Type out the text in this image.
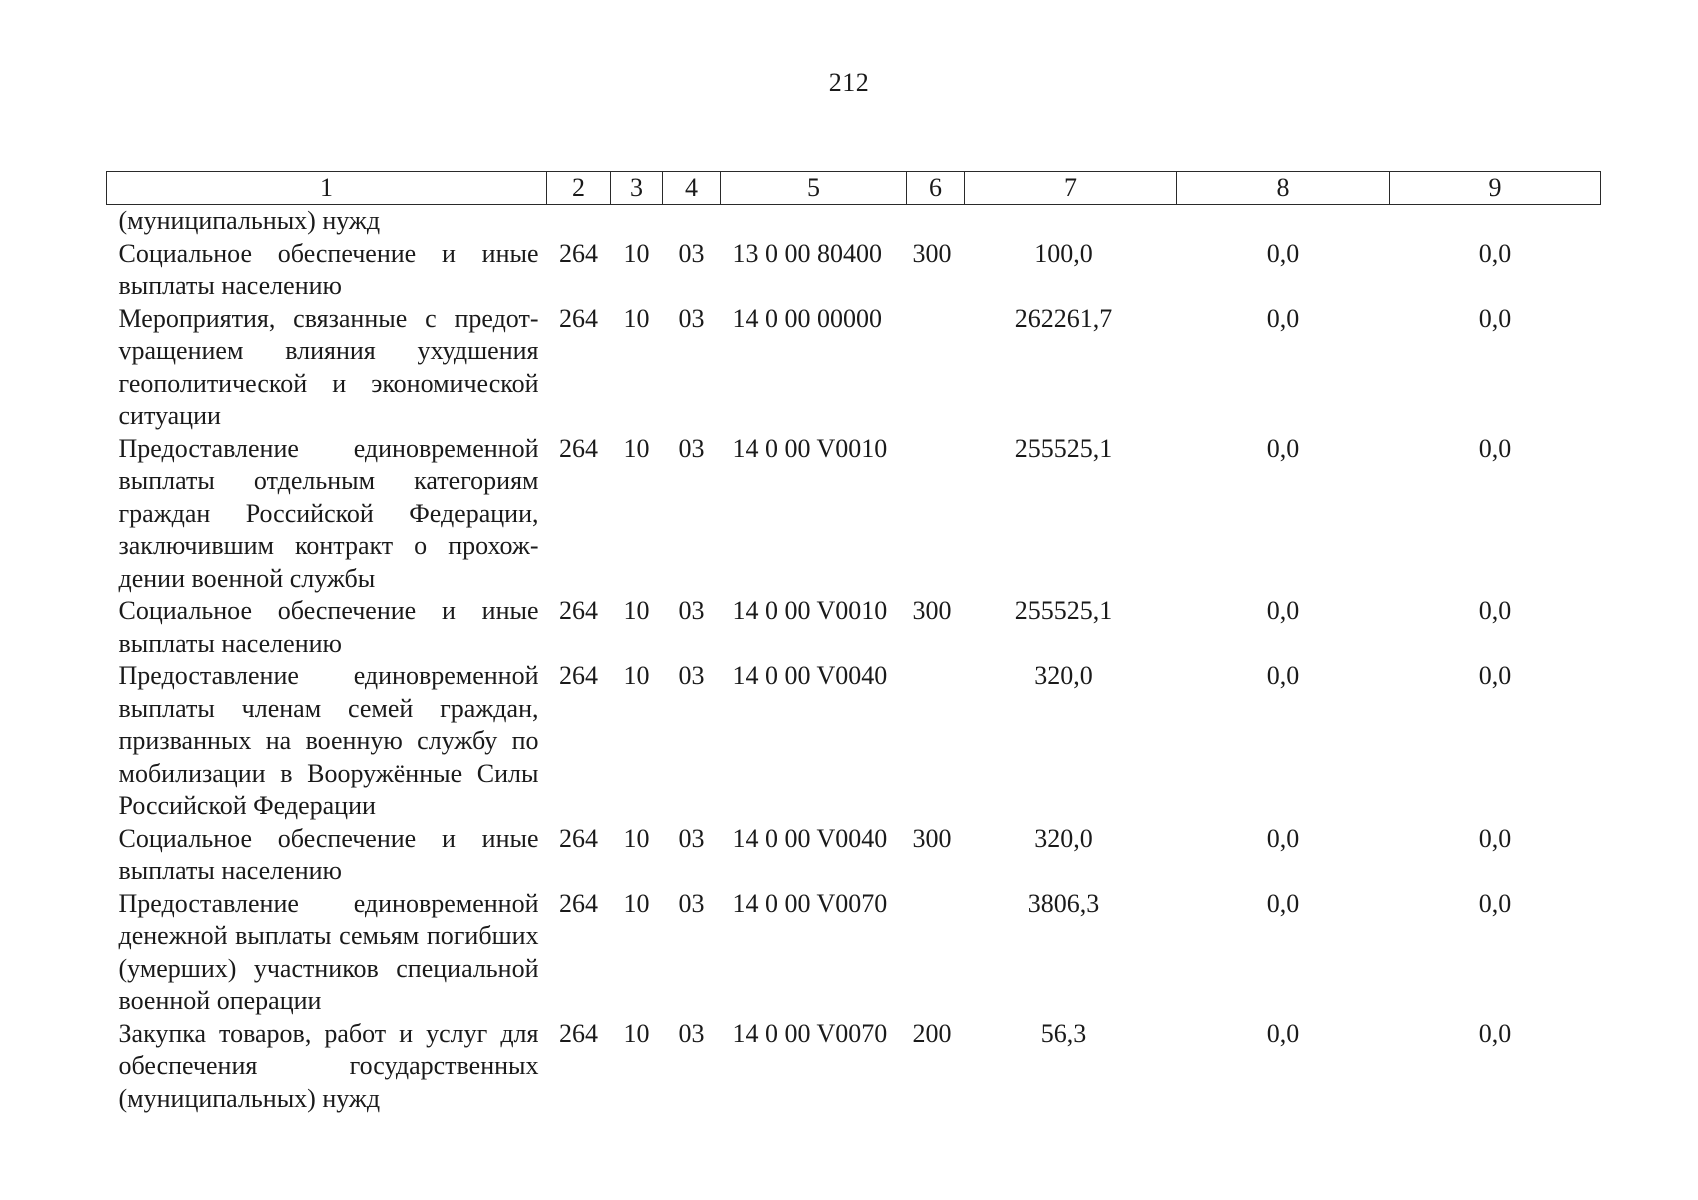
212
1	2	3	4	5	6	7	8	9
(муниципальных) нужд								
Социальное обеспечение и иные выплаты населению	264	10	03	13 0 00 80400	300	100,0	0,0	0,0
Мероприятия, связанные с предотvращением влияния ухудшения геополитической и экономической ситуации	264	10	03	14 0 00 00000		262261,7	0,0	0,0
Предоставление единовременной выплаты отдельным категориям граждан Российской Федерации, заключившим контракт о прохождении военной службы	264	10	03	14 0 00 V0010		255525,1	0,0	0,0
Социальное обеспечение и иные выплаты населению	264	10	03	14 0 00 V0010	300	255525,1	0,0	0,0
Предоставление единовременной выплаты членам семей граждан, призванных на военную службу по мобилизации в Вооружённые Силы Российской Федерации	264	10	03	14 0 00 V0040		320,0	0,0	0,0
Социальное обеспечение и иные выплаты населению	264	10	03	14 0 00 V0040	300	320,0	0,0	0,0
Предоставление единовременной денежной выплаты семьям погибших (умерших) участников специальной военной операции	264	10	03	14 0 00 V0070		3806,3	0,0	0,0
Закупка товаров, работ и услуг для обеспечения государственных (муниципальных) нужд	264	10	03	14 0 00 V0070	200	56,3	0,0	0,0
